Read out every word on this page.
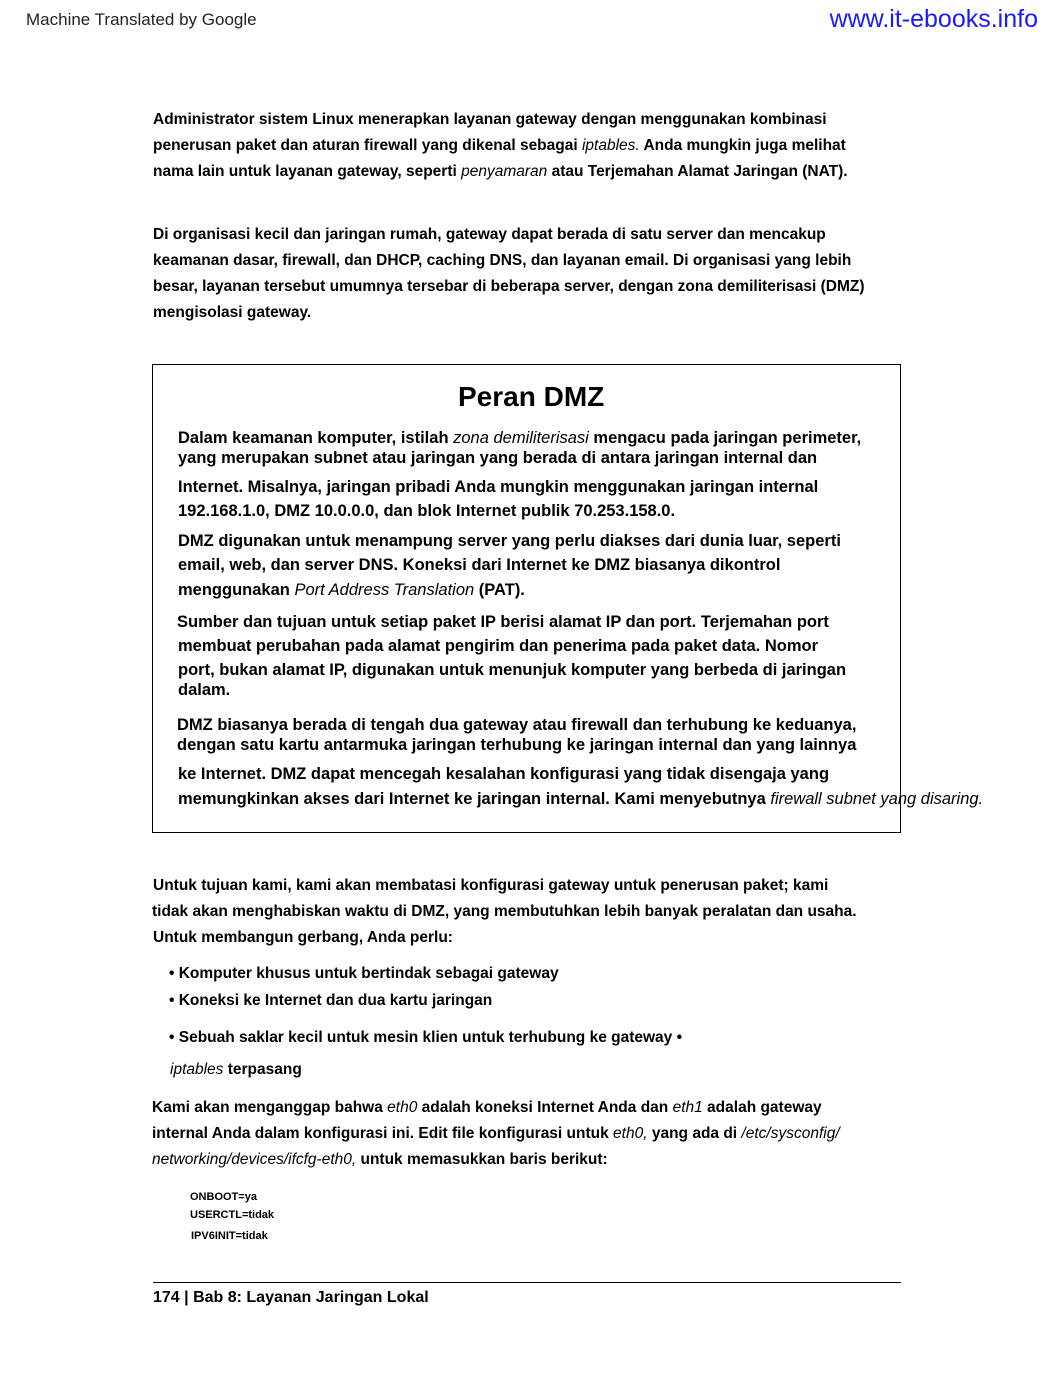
Machine Translated by Google	www.it-ebooks.info
Administrator sistem Linux menerapkan layanan gateway dengan menggunakan kombinasi
penerusan paket dan aturan firewall yang dikenal sebagai iptables. Anda mungkin juga melihat
nama lain untuk layanan gateway, seperti penyamaran atau Terjemahan Alamat Jaringan (NAT).
Di organisasi kecil dan jaringan rumah, gateway dapat berada di satu server dan mencakup
keamanan dasar, firewall, dan DHCP, caching DNS, dan layanan email. Di organisasi yang lebih
besar, layanan tersebut umumnya tersebar di beberapa server, dengan zona demiliterisasi (DMZ)
mengisolasi gateway.
Peran DMZ
Dalam keamanan komputer, istilah zona demiliterisasi mengacu pada jaringan perimeter,
yang merupakan subnet atau jaringan yang berada di antara jaringan internal dan
Internet. Misalnya, jaringan pribadi Anda mungkin menggunakan jaringan internal
192.168.1.0, DMZ 10.0.0.0, dan blok Internet publik 70.253.158.0.
DMZ digunakan untuk menampung server yang perlu diakses dari dunia luar, seperti
email, web, dan server DNS. Koneksi dari Internet ke DMZ biasanya dikontrol
menggunakan Port Address Translation (PAT).
Sumber dan tujuan untuk setiap paket IP berisi alamat IP dan port. Terjemahan port
membuat perubahan pada alamat pengirim dan penerima pada paket data. Nomor
port, bukan alamat IP, digunakan untuk menunjuk komputer yang berbeda di jaringan
dalam.
DMZ biasanya berada di tengah dua gateway atau firewall dan terhubung ke keduanya,
dengan satu kartu antarmuka jaringan terhubung ke jaringan internal dan yang lainnya
ke Internet. DMZ dapat mencegah kesalahan konfigurasi yang tidak disengaja yang
memungkinkan akses dari Internet ke jaringan internal. Kami menyebutnya firewall subnet yang disaring.
Untuk tujuan kami, kami akan membatasi konfigurasi gateway untuk penerusan paket; kami
tidak akan menghabiskan waktu di DMZ, yang membutuhkan lebih banyak peralatan dan usaha.
Untuk membangun gerbang, Anda perlu:
• Komputer khusus untuk bertindak sebagai gateway
• Koneksi ke Internet dan dua kartu jaringan
• Sebuah saklar kecil untuk mesin klien untuk terhubung ke gateway •
iptables terpasang
Kami akan menganggap bahwa eth0 adalah koneksi Internet Anda dan eth1 adalah gateway
internal Anda dalam konfigurasi ini. Edit file konfigurasi untuk eth0, yang ada di /etc/sysconfig/
networking/devices/ifcfg-eth0, untuk memasukkan baris berikut:
ONBOOT=ya
USERCTL=tidak
IPV6INIT=tidak
174 | Bab 8: Layanan Jaringan Lokal
